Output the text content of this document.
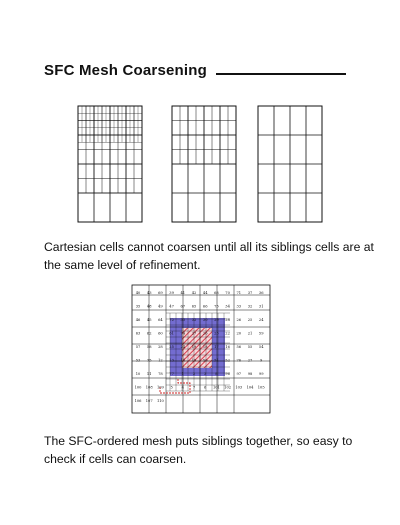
SFC Mesh Coarsening
Cartesian cells cannot coarsen until all its siblings cells are at the same level of refinement.
40 43 69 39 41 42 44 68 70 71 37 36
35 48 49 47 67 65 66 73 34 33 32 31
46 45 64 72 33 32 30 29 28 26 25 24
63 62 60 61 74 27 26 23 22 20 21 59
57 58 28 25 24 19 18 17 16 56 55 54
53 75 12 13 14 15 50 51 52 76 27 9
10 11 78 77 1 2 3 8 96 97 98 99
100 108 109 5 4 7 6 101 102 103 104 105
106 107 110
The SFC-ordered mesh puts siblings together, so easy to check if cells can coarsen.
